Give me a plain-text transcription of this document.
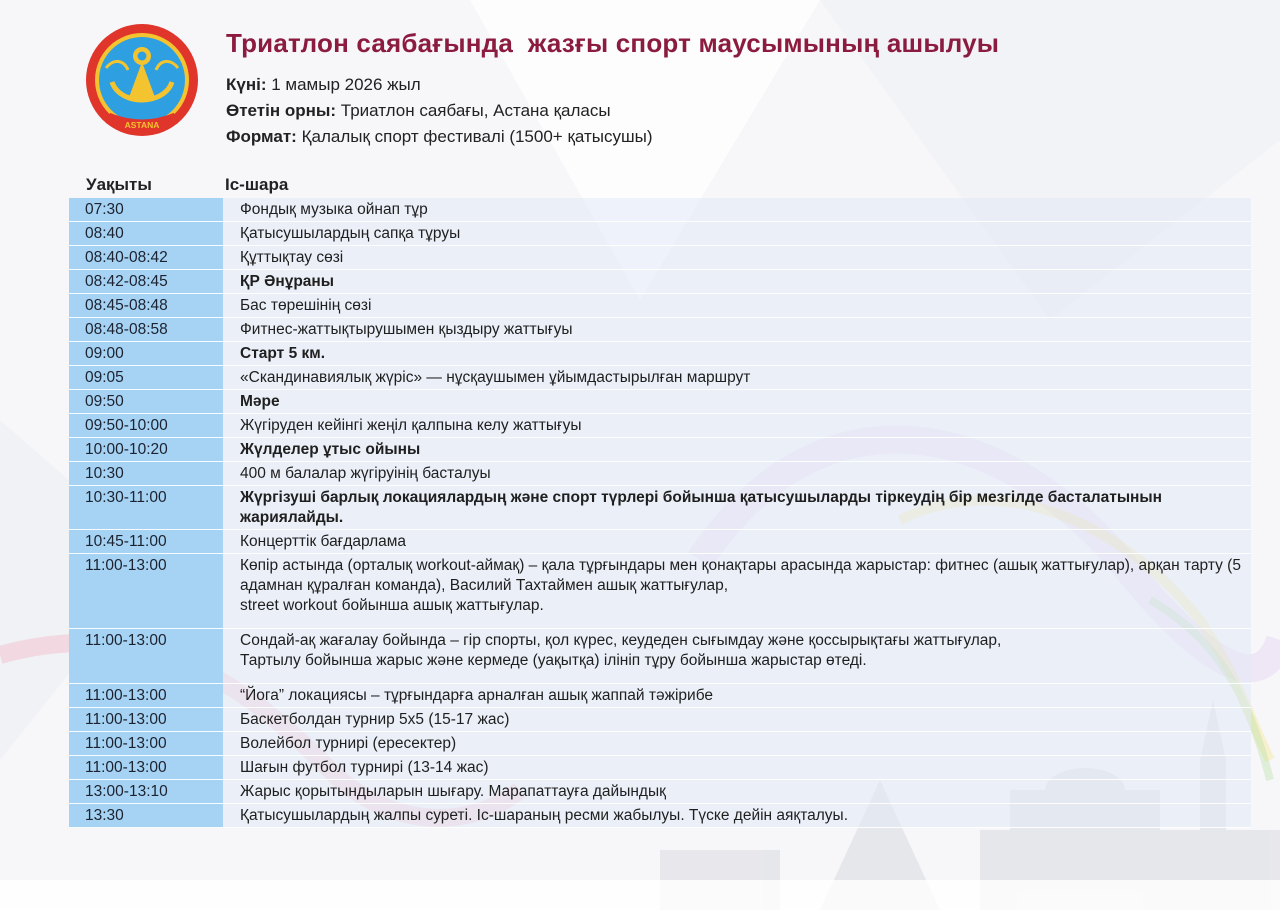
ASTANA
Триатлон саябағында  жазғы спорт маусымының ашылуы
Күні: 1 мамыр 2026 жыл
Өтетін орны: Триатлон саябағы, Астана қаласы
Формат: Қалалық спорт фестивалі (1500+ қатысушы)
Уақыты	Іс-шара
07:30	Фондық музыка ойнап тұр
08:40	Қатысушылардың сапқа тұруы
08:40-08:42	Құттықтау сөзі
08:42-08:45	ҚР Әнұраны
08:45-08:48	Бас төрешінің сөзі
08:48-08:58	Фитнес-жаттықтырушымен қыздыру жаттығуы
09:00	Старт 5 км.
09:05	«Скандинавиялық жүріс» — нұсқаушымен ұйымдастырылған маршрут
09:50	Мәре
09:50-10:00	Жүгіруден кейінгі жеңіл қалпына келу жаттығуы
10:00-10:20	Жүлделер ұтыс ойыны
10:30	400 м балалар жүгіруінің басталуы
10:30-11:00	Жүргізуші барлық локациялардың және спорт түрлері бойынша қатысушыларды тіркеудің бір мезгілде басталатынын жариялайды.
10:45-11:00	Концерттік бағдарлама
11:00-13:00	Көпір астында (орталық workout-аймақ) – қала тұрғындары мен қонақтары арасында жарыстар: фитнес (ашық жаттығулар), арқан тарту (5 адамнан құралған команда), Василий Тахтаймен ашық жаттығулар,
street workout бойынша ашық жаттығулар.
11:00-13:00	Сондай-ақ жағалау бойында – гір спорты, қол күрес, кеудеден сығымдау және қоссырықтағы жаттығулар,
Тартылу бойынша жарыс және кермеде (уақытқа) ілініп тұру бойынша жарыстар өтеді.
11:00-13:00	“Йога” локациясы – тұрғындарға арналған ашық жаппай тәжірибе
11:00-13:00	Баскетболдан турнир 5х5 (15-17 жас)
11:00-13:00	Волейбол турнирі (ересектер)
11:00-13:00	Шағын футбол турнирі (13-14 жас)
13:00-13:10	Жарыс қорытындыларын шығару. Марапаттауға дайындық
13:30	Қатысушылардың жалпы суреті. Іс-шараның ресми жабылуы. Түске дейін аяқталуы.
